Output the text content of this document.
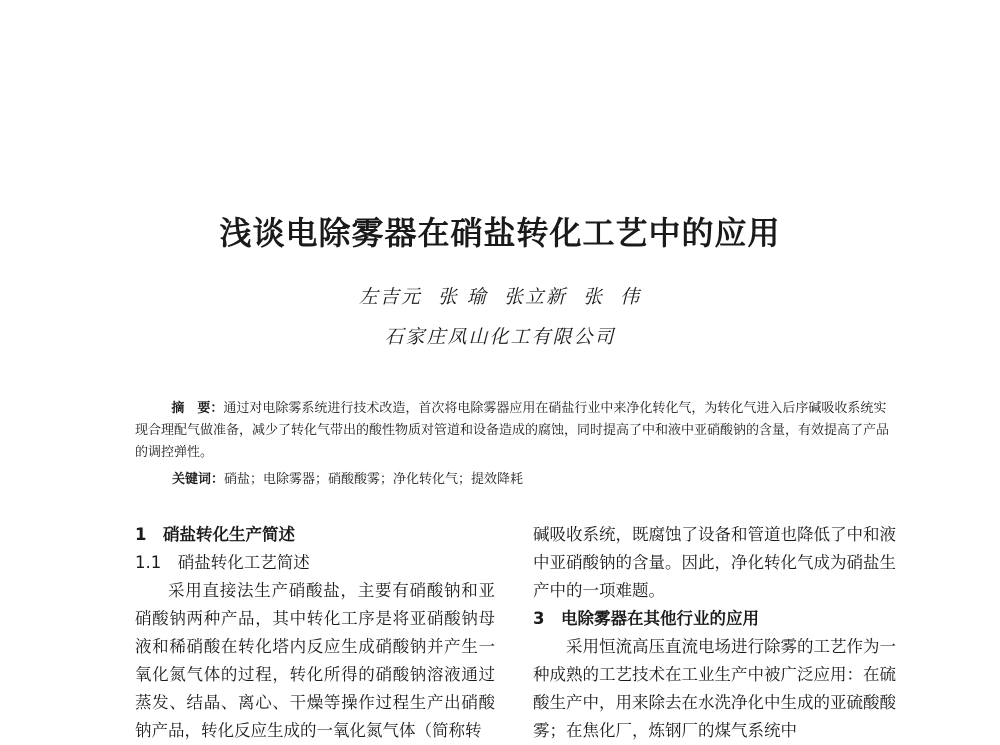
浅谈电除雾器在硝盐转化工艺中的应用
左吉元  张 瑜  张立新  张  伟
石家庄凤山化工有限公司
摘　要：通过对电除雾系统进行技术改造，首次将电除雾器应用在硝盐行业中来净化转化气，为转化气进入后序碱吸收系统实现合理配气做准备，减少了转化气带出的酸性物质对管道和设备造成的腐蚀，同时提高了中和液中亚硝酸钠的含量，有效提高了产品的调控弹性。
关键词：硝盐；电除雾器；硝酸酸雾；净化转化气；提效降耗
1　硝盐转化生产简述
1.1　硝盐转化工艺简述
采用直接法生产硝酸盐，主要有硝酸钠和亚硝酸钠两种产品，其中转化工序是将亚硝酸钠母液和稀硝酸在转化塔内反应生成硝酸钠并产生一氧化氮气体的过程，转化所得的硝酸钠溶液通过蒸发、结晶、离心、干燥等操作过程生产出硝酸钠产品，转化反应生成的一氧化氮气体（简称转
碱吸收系统，既腐蚀了设备和管道也降低了中和液中亚硝酸钠的含量。因此，净化转化气成为硝盐生产中的一项难题。
3　电除雾器在其他行业的应用
采用恒流高压直流电场进行除雾的工艺作为一种成熟的工艺技术在工业生产中被广泛应用：在硫酸生产中，用来除去在水洗净化中生成的亚硫酸酸雾；在焦化厂，炼钢厂的煤气系统中
